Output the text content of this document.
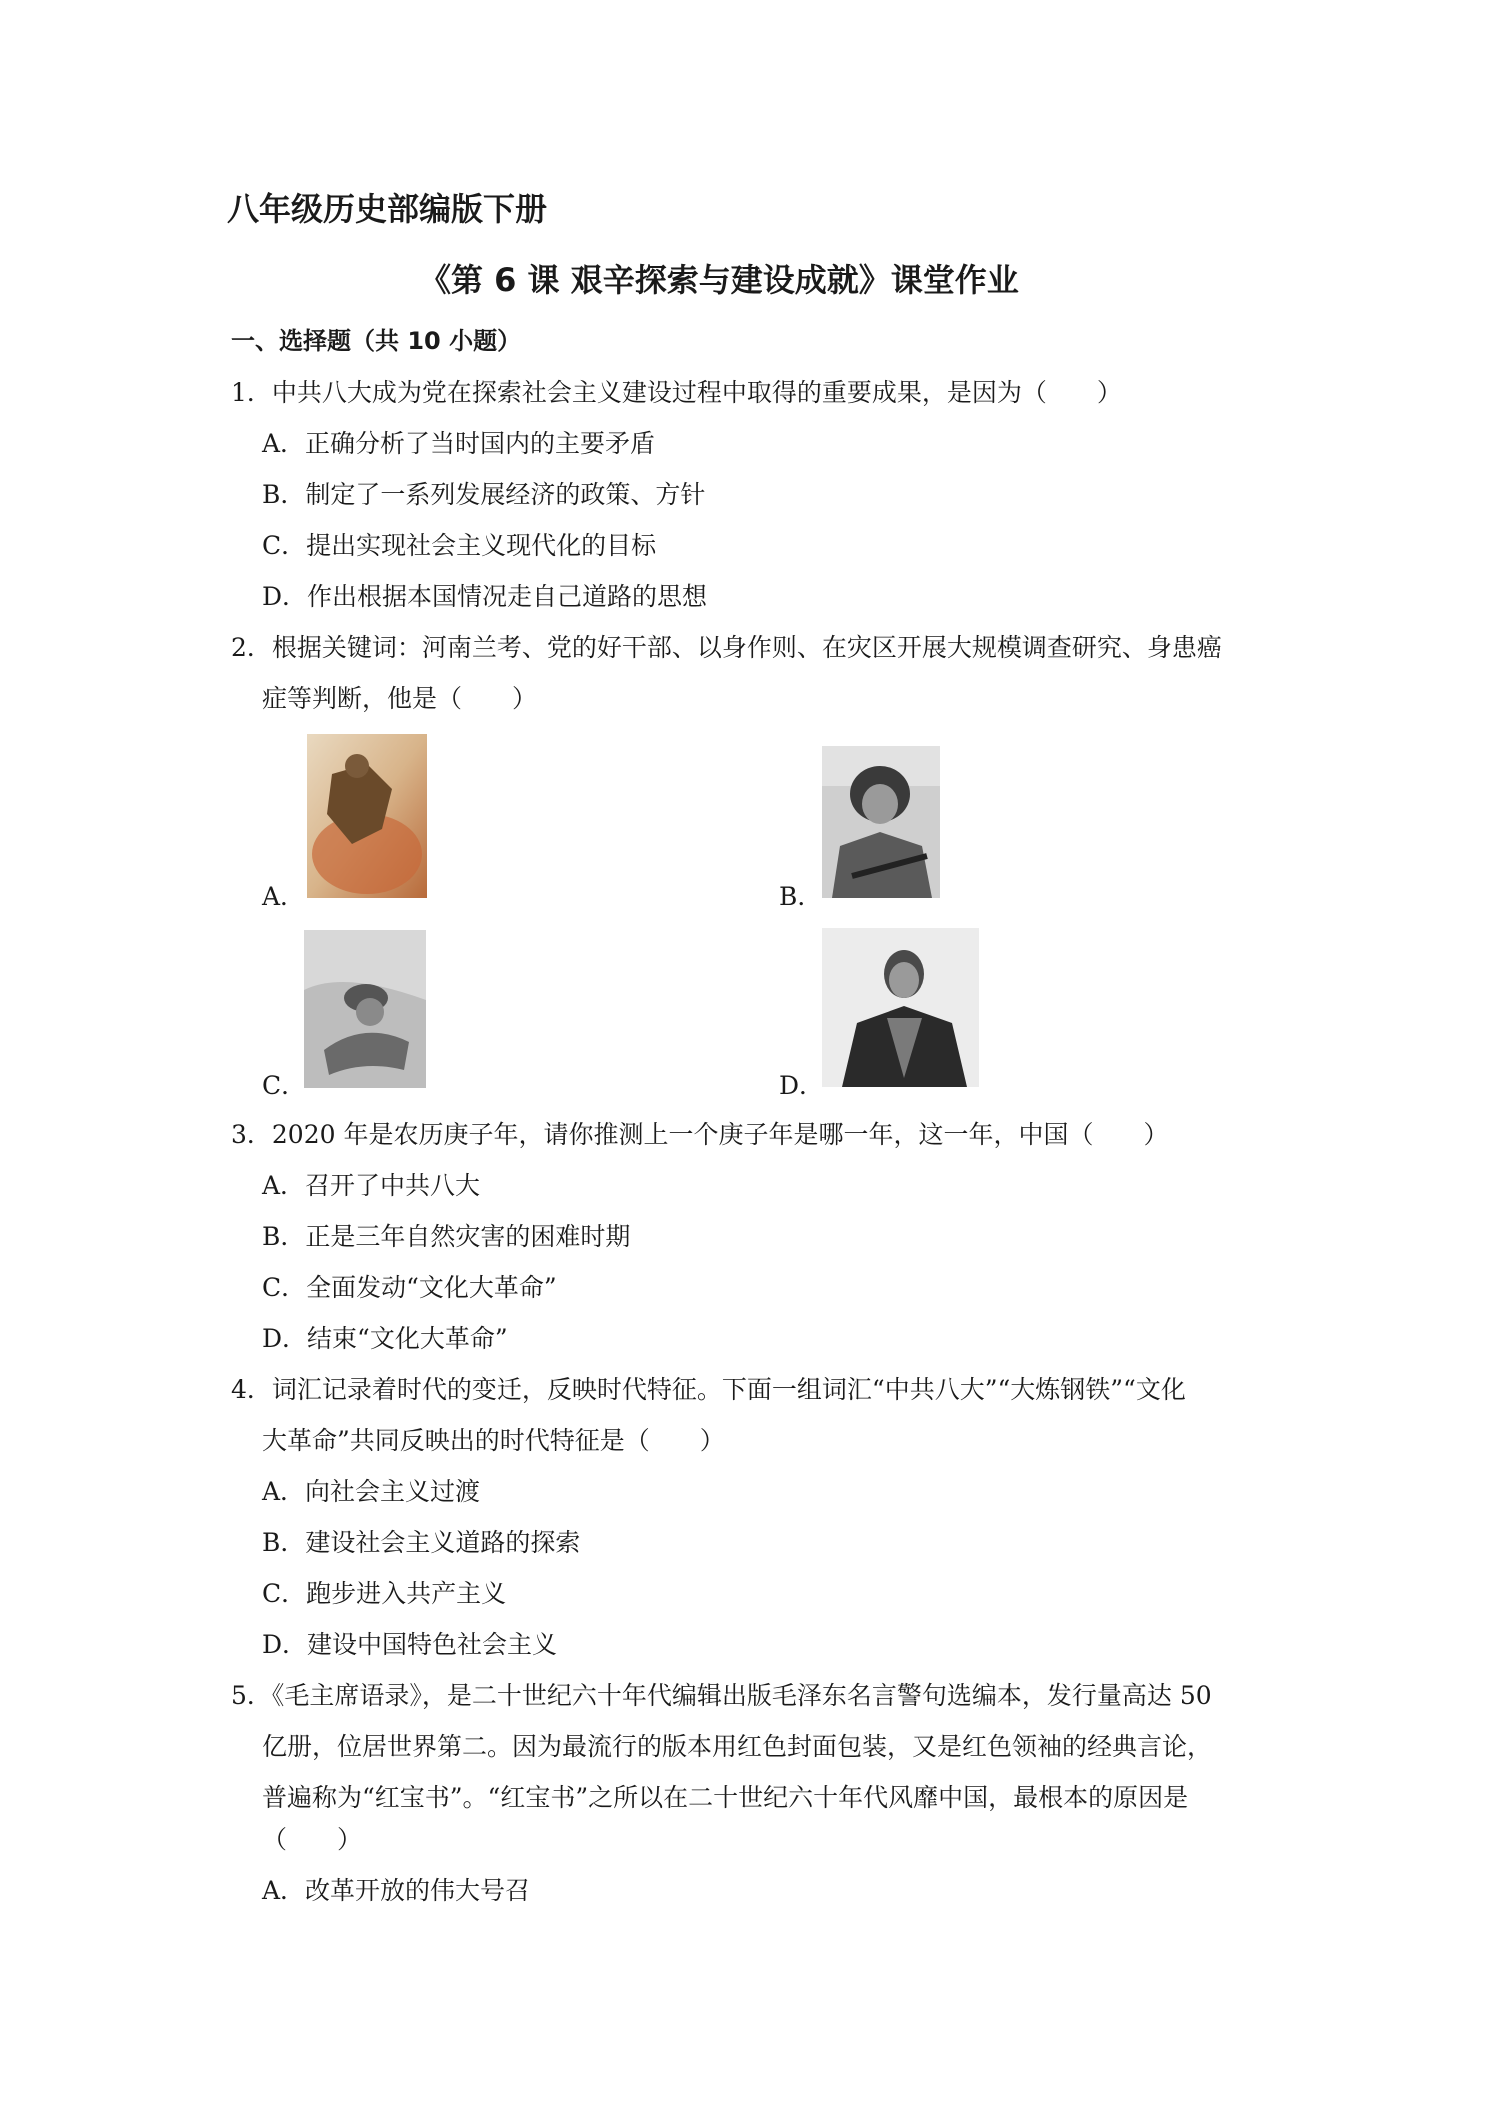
八年级历史部编版下册
《第 6 课 艰辛探索与建设成就》课堂作业
一、选择题（共 10 小题）
1．中共八大成为党在探索社会主义建设过程中取得的重要成果，是因为（　　）
A．正确分析了当时国内的主要矛盾
B．制定了一系列发展经济的政策、方针
C．提出实现社会主义现代化的目标
D．作出根据本国情况走自己道路的思想
2．根据关键词：河南兰考、党的好干部、以身作则、在灾区开展大规模调查研究、身患癌
症等判断，他是（　　）
A．	B．
C．	D．
3．2020 年是农历庚子年，请你推测上一个庚子年是哪一年，这一年，中国（　　）
A．召开了中共八大
B．正是三年自然灾害的困难时期
C．全面发动“文化大革命”
D．结束“文化大革命”
4．词汇记录着时代的变迁，反映时代特征。下面一组词汇“中共八大”“大炼钢铁”“文化
大革命”共同反映出的时代特征是（　　）
A．向社会主义过渡
B．建设社会主义道路的探索
C．跑步进入共产主义
D．建设中国特色社会主义
5．《毛主席语录》，是二十世纪六十年代编辑出版毛泽东名言警句选编本，发行量高达 50
亿册，位居世界第二。因为最流行的版本用红色封面包装，又是红色领袖的经典言论，
普遍称为“红宝书”。“红宝书”之所以在二十世纪六十年代风靡中国，最根本的原因是
（　　）
A．改革开放的伟大号召
